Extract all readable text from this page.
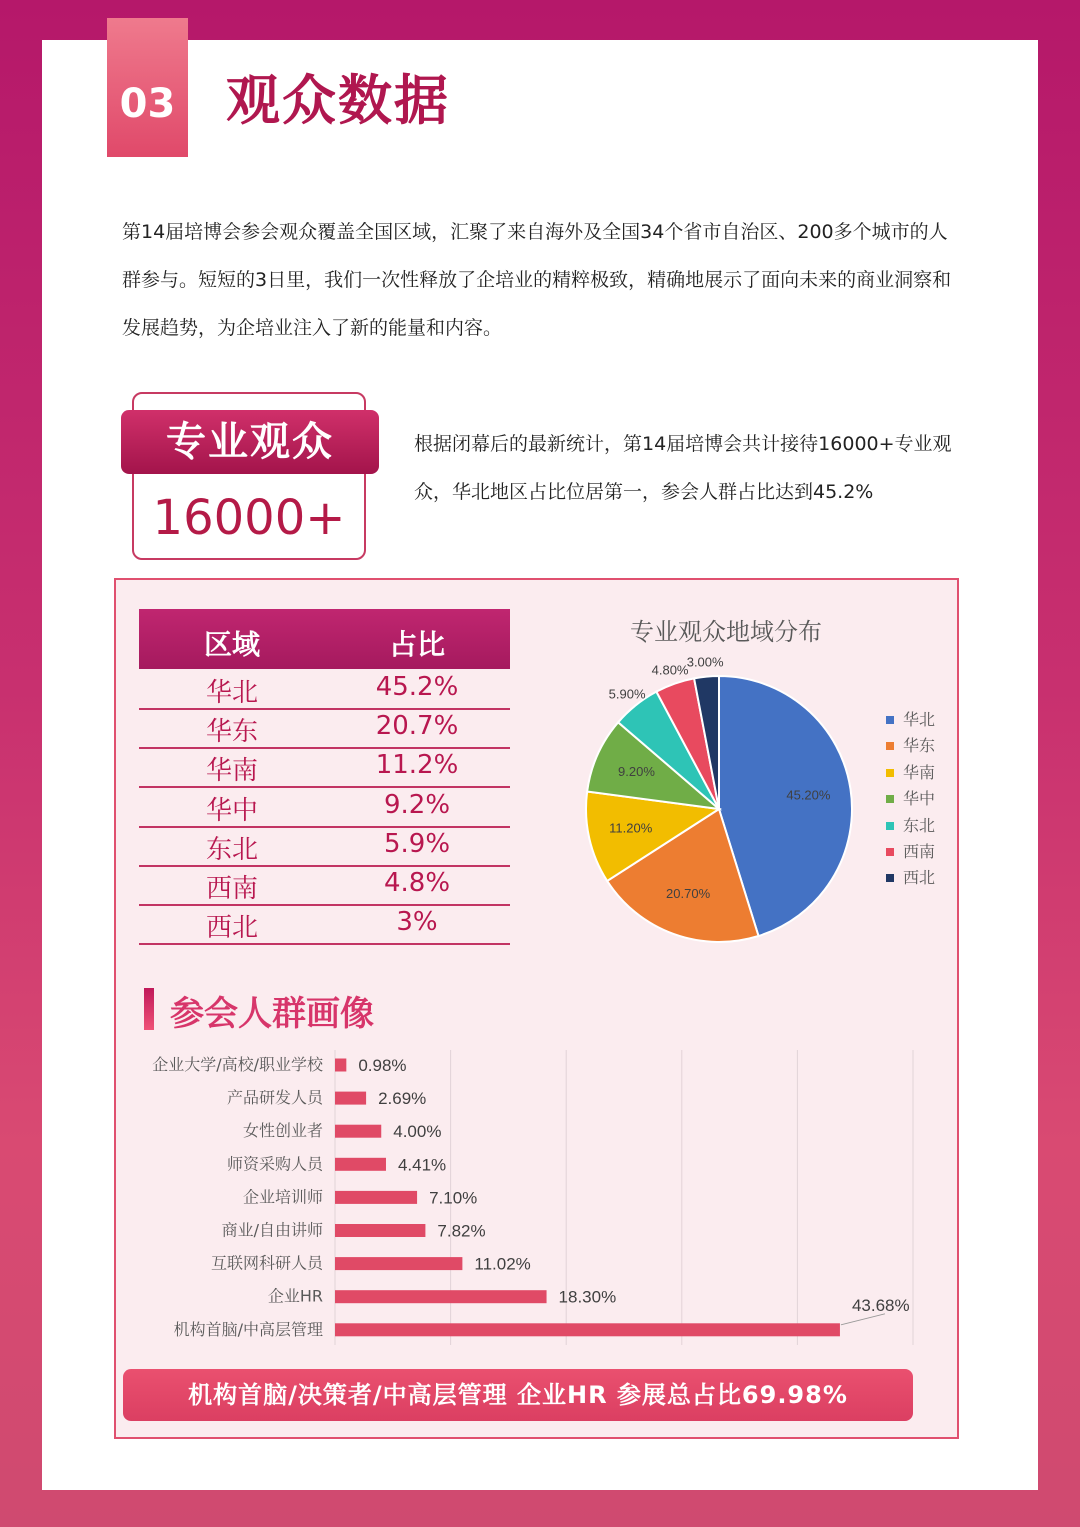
03 观众数据
第14届培博会参会观众覆盖全国区域，汇聚了来自海外及全国34个省市自治区、200多个城市的人群参与。短短的3日里，我们一次性释放了企培业的精粹极致，精确地展示了面向未来的商业洞察和发展趋势，为企培业注入了新的能量和内容。
专业观众
16000+
根据闭幕后的最新统计，第14届培博会共计接待16000+专业观众，华北地区占比位居第一，参会人群占比达到45.2%
区域	占比
华北	45.2%
华东	20.7%
华南	11.2%
华中	9.2%
东北	5.9%
西南	4.8%
西北	3%
专业观众地域分布
45.20%
20.70%
11.20%
9.20%
5.90%
4.80%
3.00%
华北
华东
华南
华中
东北
西南
西北
参会人群画像
企业大学/高校/职业学校 0.98%
产品研发人员	2.69%
女性创业者	4.00%
师资采购人员	4.41%
企业培训师	7.10%
商业/自由讲师	7.82%
互联网科研人员	11.02%
企业HR	18.30%
机构首脑/中高层管理
43.68%
机构首脑/决策者/中高层管理 企业HR 参展总占比69.98%
